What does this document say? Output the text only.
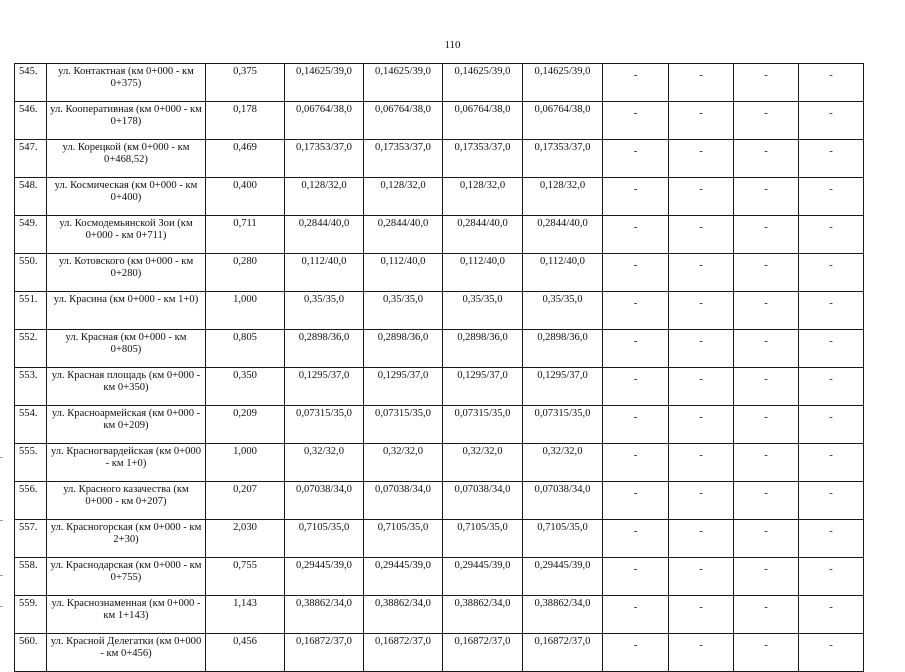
110
545.	ул. Контактная (км 0+000 - км 0+375)	0,375	0,14625/39,0	0,14625/39,0	0,14625/39,0	0,14625/39,0	-	-	-	-
546.	ул. Кооперативная (км 0+000 - км 0+178)	0,178	0,06764/38,0	0,06764/38,0	0,06764/38,0	0,06764/38,0	-	-	-	-
547.	ул. Корецкой (км 0+000 - км 0+468,52)	0,469	0,17353/37,0	0,17353/37,0	0,17353/37,0	0,17353/37,0	-	-	-	-
548.	ул. Космическая (км 0+000 - км 0+400)	0,400	0,128/32,0	0,128/32,0	0,128/32,0	0,128/32,0	-	-	-	-
549.	ул. Космодемьянской Зои (км 0+000 - км 0+711)	0,711	0,2844/40,0	0,2844/40,0	0,2844/40,0	0,2844/40,0	-	-	-	-
550.	ул. Котовского (км 0+000 - км 0+280)	0,280	0,112/40,0	0,112/40,0	0,112/40,0	0,112/40,0	-	-	-	-
551.	ул. Красина (км 0+000 - км 1+0)	1,000	0,35/35,0	0,35/35,0	0,35/35,0	0,35/35,0	-	-	-	-
552.	ул. Красная (км 0+000 - км 0+805)	0,805	0,2898/36,0	0,2898/36,0	0,2898/36,0	0,2898/36,0	-	-	-	-
553.	ул. Красная площадь (км 0+000 - км 0+350)	0,350	0,1295/37,0	0,1295/37,0	0,1295/37,0	0,1295/37,0	-	-	-	-
554.	ул. Красноармейская (км 0+000 - км 0+209)	0,209	0,07315/35,0	0,07315/35,0	0,07315/35,0	0,07315/35,0	-	-	-	-
555.	ул. Красногвардейская (км 0+000 - км 1+0)	1,000	0,32/32,0	0,32/32,0	0,32/32,0	0,32/32,0	-	-	-	-
556.	ул. Красного казачества (км 0+000 - км 0+207)	0,207	0,07038/34,0	0,07038/34,0	0,07038/34,0	0,07038/34,0	-	-	-	-
557.	ул. Красногорская (км 0+000 - км 2+30)	2,030	0,7105/35,0	0,7105/35,0	0,7105/35,0	0,7105/35,0	-	-	-	-
558.	ул. Краснодарская (км 0+000 - км 0+755)	0,755	0,29445/39,0	0,29445/39,0	0,29445/39,0	0,29445/39,0	-	-	-	-
559.	ул. Краснознаменная (км 0+000 - км 1+143)	1,143	0,38862/34,0	0,38862/34,0	0,38862/34,0	0,38862/34,0	-	-	-	-
560.	ул. Красной Делегатки (км 0+000 - км 0+456)	0,456	0,16872/37,0	0,16872/37,0	0,16872/37,0	0,16872/37,0	-	-	-	-
